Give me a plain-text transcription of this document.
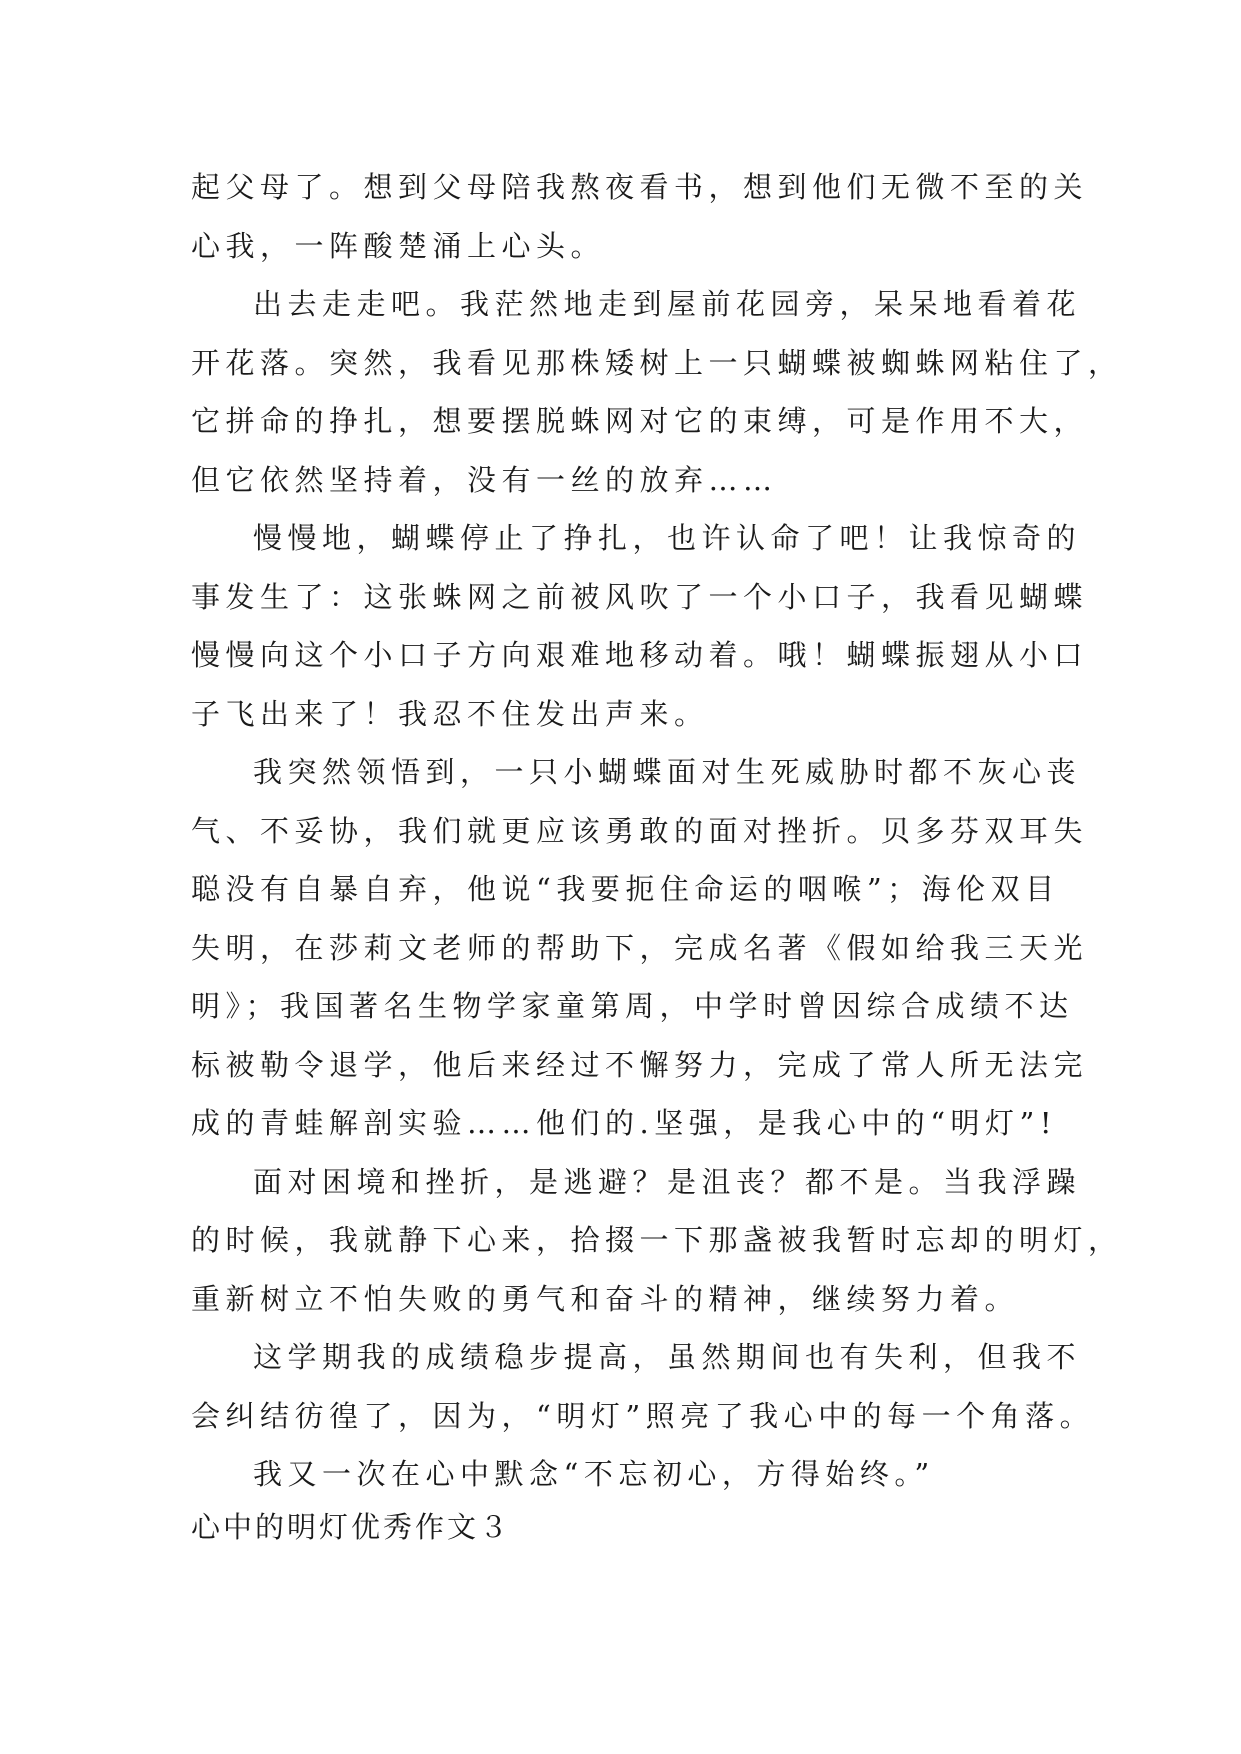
起父母了。想到父母陪我熬夜看书，想到他们无微不至的关
心我，一阵酸楚涌上心头。
出去走走吧。我茫然地走到屋前花园旁，呆呆地看着花
开花落。突然，我看见那株矮树上一只蝴蝶被蜘蛛网粘住了，
它拼命的挣扎，想要摆脱蛛网对它的束缚，可是作用不大，
但它依然坚持着，没有一丝的放弃……
慢慢地，蝴蝶停止了挣扎，也许认命了吧！让我惊奇的
事发生了：这张蛛网之前被风吹了一个小口子，我看见蝴蝶
慢慢向这个小口子方向艰难地移动着。哦！蝴蝶振翅从小口
子飞出来了！我忍不住发出声来。
我突然领悟到，一只小蝴蝶面对生死威胁时都不灰心丧
气、不妥协，我们就更应该勇敢的面对挫折。贝多芬双耳失
聪没有自暴自弃，他说“我要扼住命运的咽喉”；海伦双目
失明，在莎莉文老师的帮助下，完成名著《假如给我三天光
明》；我国著名生物学家童第周，中学时曾因综合成绩不达
标被勒令退学，他后来经过不懈努力，完成了常人所无法完
成的青蛙解剖实验……他们的.坚强，是我心中的“明灯”!
面对困境和挫折，是逃避？是沮丧？都不是。当我浮躁
的时候，我就静下心来，拾掇一下那盏被我暂时忘却的明灯，
重新树立不怕失败的勇气和奋斗的精神，继续努力着。
这学期我的成绩稳步提高，虽然期间也有失利，但我不
会纠结彷徨了，因为，“明灯”照亮了我心中的每一个角落。
我又一次在心中默念“不忘初心，方得始终。”
心中的明灯优秀作文３
